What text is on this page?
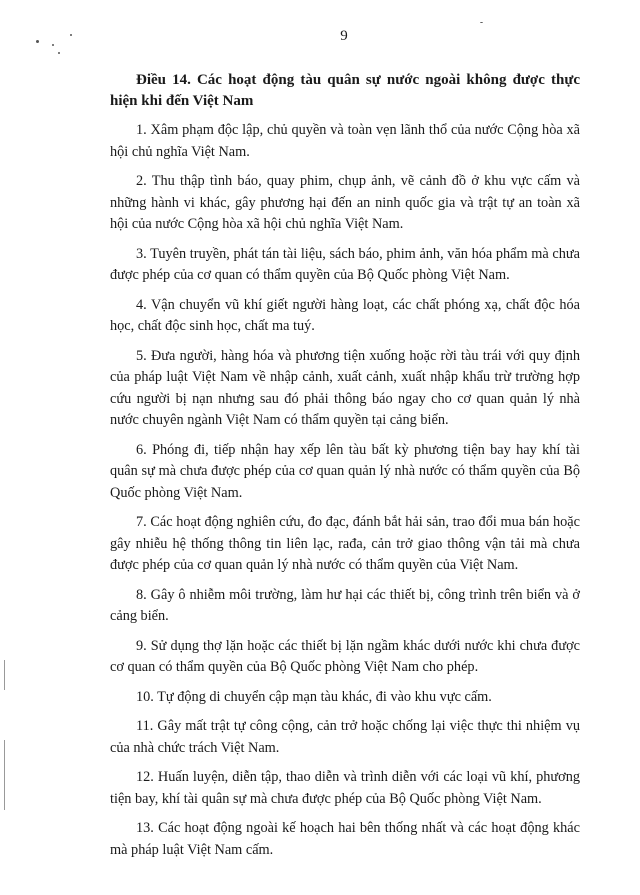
9

Điều 14. Các hoạt động tàu quân sự nước ngoài không được thực hiện khi đến Việt Nam

1. Xâm phạm độc lập, chủ quyền và toàn vẹn lãnh thổ của nước Cộng hòa xã hội chủ nghĩa Việt Nam.

2. Thu thập tình báo, quay phim, chụp ảnh, vẽ cảnh đồ ở khu vực cấm và những hành vi khác, gây phương hại đến an ninh quốc gia và trật tự an toàn xã hội của nước Cộng hòa xã hội chủ nghĩa Việt Nam.

3. Tuyên truyền, phát tán tài liệu, sách báo, phim ảnh, văn hóa phẩm mà chưa được phép của cơ quan có thẩm quyền của Bộ Quốc phòng Việt Nam.

4. Vận chuyển vũ khí giết người hàng loạt, các chất phóng xạ, chất độc hóa học, chất độc sinh học, chất ma tuý.

5. Đưa người, hàng hóa và phương tiện xuống hoặc rời tàu trái với quy định của pháp luật Việt Nam về nhập cảnh, xuất cảnh, xuất nhập khẩu trừ trường hợp cứu người bị nạn nhưng sau đó phải thông báo ngay cho cơ quan quản lý nhà nước chuyên ngành Việt Nam có thẩm quyền tại cảng biển.

6. Phóng đi, tiếp nhận hay xếp lên tàu bất kỳ phương tiện bay hay khí tài quân sự mà chưa được phép của cơ quan quản lý nhà nước có thẩm quyền của Bộ Quốc phòng Việt Nam.

7. Các hoạt động nghiên cứu, đo đạc, đánh bắt hải sản, trao đổi mua bán hoặc gây nhiễu hệ thống thông tin liên lạc, rađa, cản trở giao thông vận tải mà chưa được phép của cơ quan quản lý nhà nước có thẩm quyền của Việt Nam.

8. Gây ô nhiễm môi trường, làm hư hại các thiết bị, công trình trên biển và ở cảng biển.

9. Sử dụng thợ lặn hoặc các thiết bị lặn ngầm khác dưới nước khi chưa được cơ quan có thẩm quyền của Bộ Quốc phòng Việt Nam cho phép.

10. Tự động di chuyển cập mạn tàu khác, đi vào khu vực cấm.

11. Gây mất trật tự công cộng, cản trở hoặc chống lại việc thực thi nhiệm vụ của nhà chức trách Việt Nam.

12. Huấn luyện, diễn tập, thao diễn và trình diễn với các loại vũ khí, phương tiện bay, khí tài quân sự mà chưa được phép của Bộ Quốc phòng Việt Nam.

13. Các hoạt động ngoài kế hoạch hai bên thống nhất và các hoạt động khác mà pháp luật Việt Nam cấm.
